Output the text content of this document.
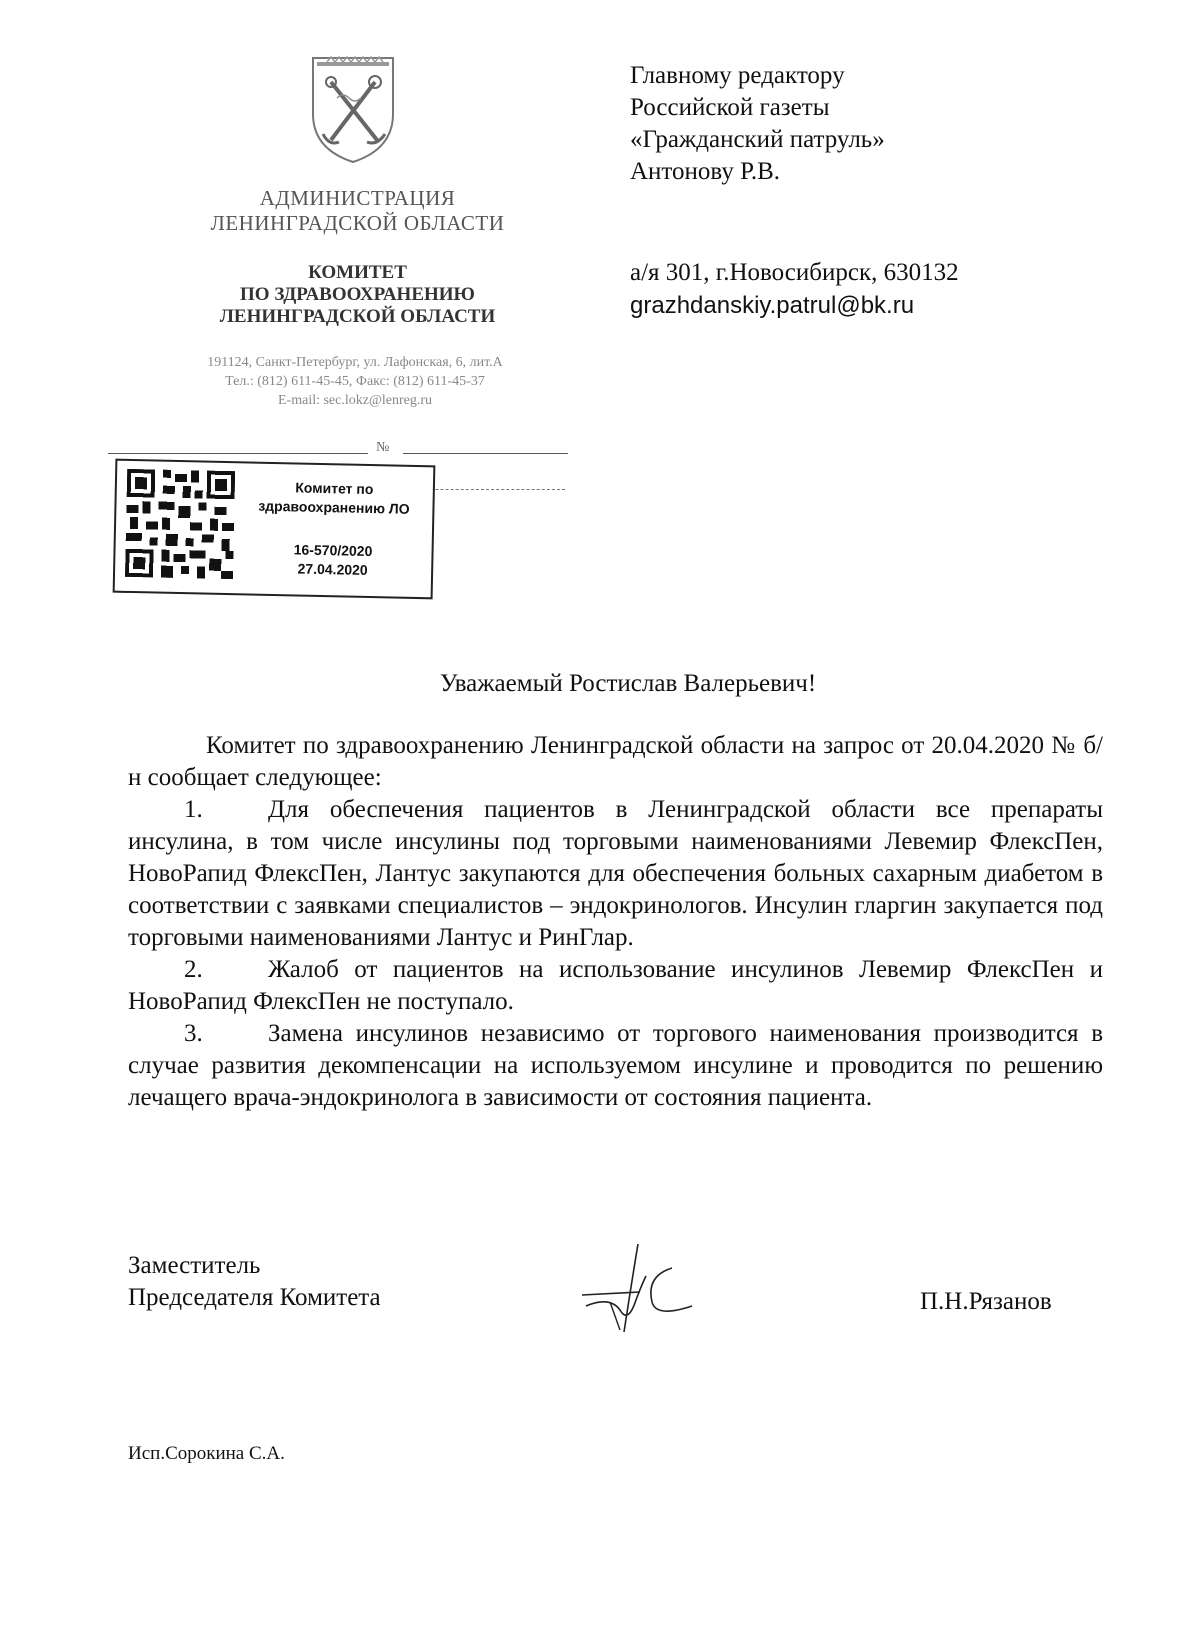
АДМИНИСТРАЦИЯ
ЛЕНИНГРАДСКОЙ ОБЛАСТИ
КОМИТЕТ
ПО ЗДРАВООХРАНЕНИЮ
ЛЕНИНГРАДСКОЙ ОБЛАСТИ
191124, Санкт-Петербург, ул. Лафонская, 6, лит.А
Тел.: (812) 611-45-45, Факс: (812) 611-45-37
E-mail: sec.lokz@lenreg.ru
№
Комитет по
здравоохранению ЛО
16-570/2020
27.04.2020
Главному редактору
Российской газеты
«Гражданский патруль»
Антонову Р.В.
а/я 301, г.Новосибирск, 630132
grazhdanskiy.patrul@bk.ru
Уважаемый Ростислав Валерьевич!

Комитет по здравоохранению Ленинградской области на запрос от 20.04.2020 № б/н сообщает следующее:

1.	Для обеспечения пациентов в Ленинградской области все препараты инсулина, в том числе инсулины под торговыми наименованиями Левемир ФлексПен, НовоРапид ФлексПен, Лантус закупаются для обеспечения больных сахарным диабетом в соответствии с заявками специалистов – эндокринологов. Инсулин гларгин закупается под торговыми наименованиями Лантус и РинГлар.

2.	Жалоб от пациентов на использование инсулинов Левемир ФлексПен и НовоРапид ФлексПен не поступало.

3.	Замена инсулинов независимо от торгового наименования производится в случае развития декомпенсации на используемом инсулине и проводится по решению лечащего врача-эндокринолога в зависимости от состояния пациента.

Заместитель
Председателя Комитета	П.Н.Рязанов
Исп.Сорокина С.А.
